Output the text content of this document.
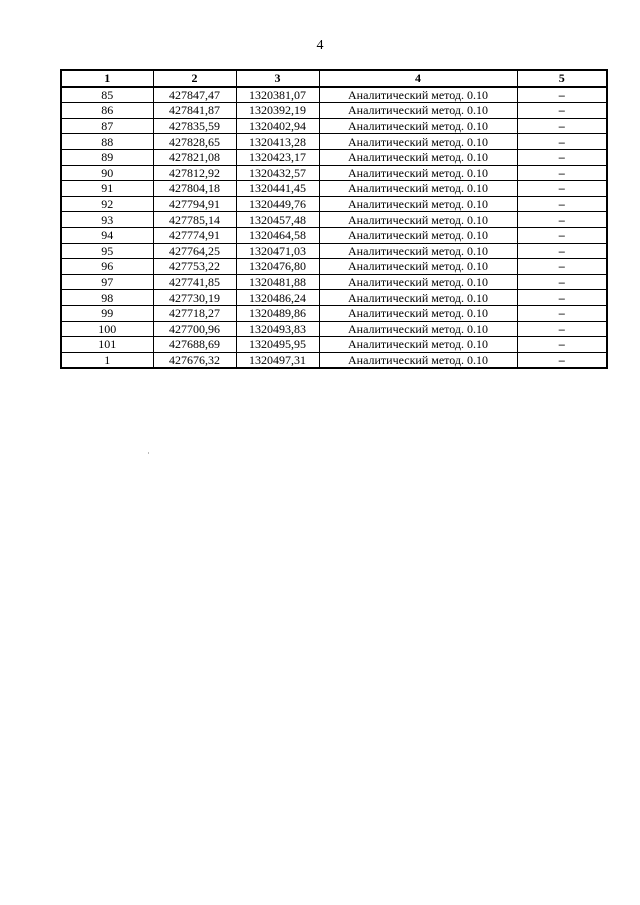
4
1	2	3	4	5
85	427847,47	1320381,07	Аналитический метод. 0.10	–
86	427841,87	1320392,19	Аналитический метод. 0.10	–
87	427835,59	1320402,94	Аналитический метод. 0.10	–
88	427828,65	1320413,28	Аналитический метод. 0.10	–
89	427821,08	1320423,17	Аналитический метод. 0.10	–
90	427812,92	1320432,57	Аналитический метод. 0.10	–
91	427804,18	1320441,45	Аналитический метод. 0.10	–
92	427794,91	1320449,76	Аналитический метод. 0.10	–
93	427785,14	1320457,48	Аналитический метод. 0.10	–
94	427774,91	1320464,58	Аналитический метод. 0.10	–
95	427764,25	1320471,03	Аналитический метод. 0.10	–
96	427753,22	1320476,80	Аналитический метод. 0.10	–
97	427741,85	1320481,88	Аналитический метод. 0.10	–
98	427730,19	1320486,24	Аналитический метод. 0.10	–
99	427718,27	1320489,86	Аналитический метод. 0.10	–
100	427700,96	1320493,83	Аналитический метод. 0.10	–
101	427688,69	1320495,95	Аналитический метод. 0.10	–
1	427676,32	1320497,31	Аналитический метод. 0.10	–
